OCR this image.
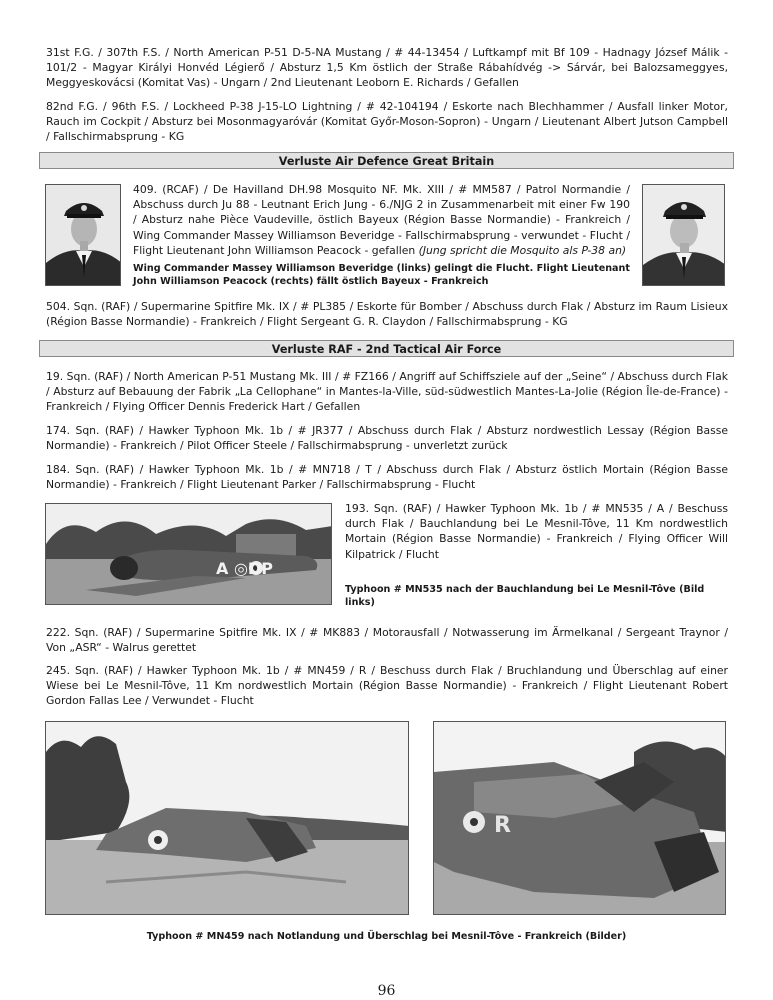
31st F.G. / 307th F.S. / North American P-51 D-5-NA Mustang / # 44-13454 / Luftkampf mit Bf 109 - Hadnagy József Málik - 101/2 - Magyar Királyi Honvéd Légierő / Absturz 1,5 Km östlich der Straße Rábahídvég -> Sárvár, bei Balozsameggyes, Meggyeskovácsi (Komitat Vas) - Ungarn / 2nd Lieutenant Leoborn E. Richards / Gefallen
82nd F.G. / 96th F.S. / Lockheed P-38 J-15-LO Lightning / # 42-104194 / Eskorte nach Blechhammer / Ausfall linker Motor, Rauch im Cockpit / Absturz bei Mosonmagyaróvár (Komitat Győr-Moson-Sopron) - Ungarn / Lieutenant Albert Jutson Campbell / Fallschirmabsprung - KG
Verluste Air Defence Great Britain
409. (RCAF) / De Havilland DH.98 Mosquito NF. Mk. XIII / # MM587 / Patrol Normandie / Abschuss durch Ju 88 - Leutnant Erich Jung - 6./NJG 2 in Zusammenarbeit mit einer Fw 190 / Absturz nahe Pièce Vaudeville, östlich Bayeux (Région Basse Normandie) - Frankreich / Wing Commander Massey Williamson Beveridge - Fallschirmabsprung - verwundet - Flucht / Flight Lieutenant John Williamson Peacock - gefallen (Jung spricht die Mosquito als P-38 an)
Wing Commander Massey Williamson Beveridge (links) gelingt die Flucht. Flight Lieutenant John Williamson Peacock (rechts) fällt östlich Bayeux - Frankreich
504. Sqn. (RAF) / Supermarine Spitfire Mk. IX / # PL385 / Eskorte für Bomber / Abschuss durch Flak / Absturz im Raum Lisieux (Région Basse Normandie) - Frankreich / Flight Sergeant G. R. Claydon / Fallschirmabsprung - KG
Verluste RAF - 2nd Tactical Air Force
19. Sqn. (RAF) / North American P-51 Mustang Mk. III / # FZ166 / Angriff auf Schiffsziele auf der „Seine“ / Abschuss durch Flak / Absturz auf Bebauung der Fabrik „La Cellophane“ in Mantes-la-Ville, süd-südwestlich Mantes-La-Jolie (Région Île-de-France) - Frankreich / Flying Officer Dennis Frederick Hart / Gefallen
174. Sqn. (RAF) / Hawker Typhoon Mk. 1b / # JR377 / Abschuss durch Flak / Absturz nordwestlich Lessay (Région Basse Normandie) - Frankreich / Pilot Officer Steele / Fallschirmabsprung - unverletzt zurück
184. Sqn. (RAF) / Hawker Typhoon Mk. 1b / # MN718 / T / Abschuss durch Flak / Absturz östlich Mortain (Région Basse Normandie) - Frankreich / Flight Lieutenant Parker / Fallschirmabsprung - Flucht
A ◎DP
193. Sqn. (RAF) / Hawker Typhoon Mk. 1b / # MN535 / A / Beschuss durch Flak / Bauchlandung bei Le Mesnil-Tôve, 11 Km nordwestlich Mortain (Région Basse Normandie) - Frankreich / Flying Officer Will Kilpatrick / Flucht
Typhoon # MN535 nach der Bauchlandung bei Le Mesnil-Tôve (Bild links)
222. Sqn. (RAF) / Supermarine Spitfire Mk. IX / # MK883 / Motorausfall / Notwasserung im Ärmelkanal / Sergeant Traynor / Von „ASR“ - Walrus gerettet
245. Sqn. (RAF) / Hawker Typhoon Mk. 1b / # MN459 / R / Beschuss durch Flak / Bruchlandung und Überschlag auf einer Wiese bei Le Mesnil-Tôve, 11 Km nordwestlich Mortain (Région Basse Normandie) - Frankreich / Flight Lieutenant Robert Gordon Fallas Lee / Verwundet - Flucht
R
Typhoon # MN459 nach Notlandung und Überschlag bei Mesnil-Tôve - Frankreich (Bilder)
96
